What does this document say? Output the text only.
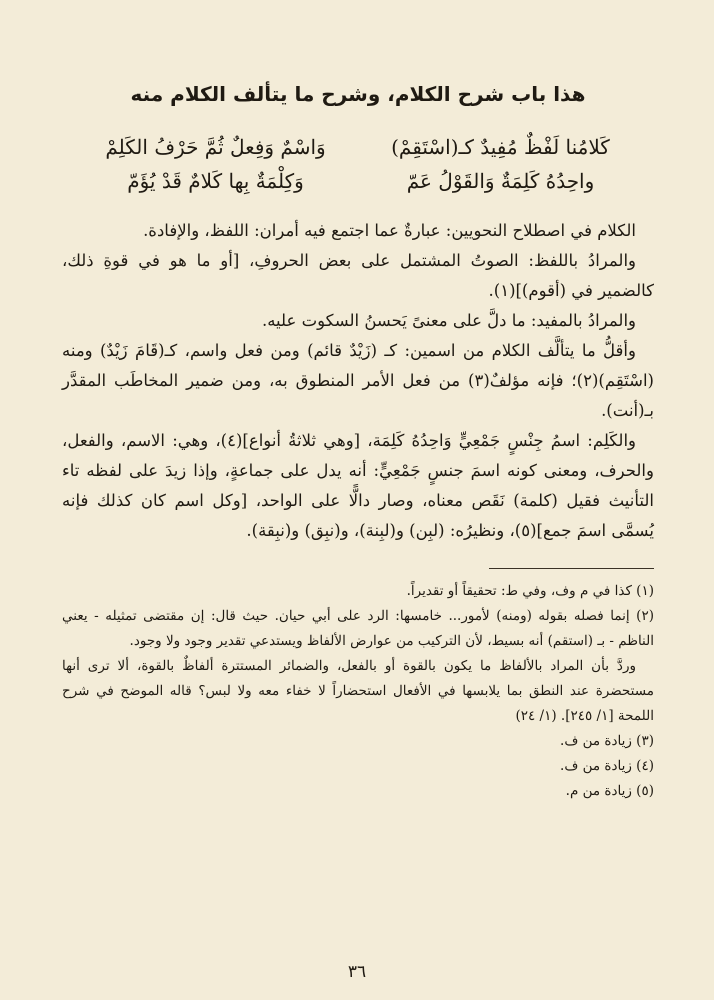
هذا باب شرح الكلام، وشرح ما يتألف الكلام منه
كَلامُنا لَفْظٌ مُفِيدٌ كـ(اسْتَقِمْ)
وَاسْمٌ وَفِعلٌ ثُمَّ حَرْفُ الكَلِمْ
واحِدُهُ كَلِمَةٌ وَالقَوْلُ عَمّ
وَكِلْمَةٌ بِها كَلامٌ قَدْ يُؤَمّ

الكلام في اصطلاح النحويين: عبارةٌ عما اجتمع فيه أمران: اللفظ، والإفادة.

والمرادُ باللفظ: الصوتُ المشتمل على بعض الحروفِ، [أو ما هو في قوةِ ذلك، كالضمير في (أقوم)](١).

والمرادُ بالمفيد: ما دلَّ على معنىً يَحسنُ السكوت عليه.

وأقلُّ ما يتألَّف الكلام من اسمين: كـ (زَيْدٌ قائم) ومن فعل واسم، كـ(قَامَ زَيْدٌ) ومنه (اسْتَقِم)(٢)؛ فإنه مؤلفٌ(٣) من فعل الأمر المنطوق به، ومن ضمير المخاطَب المقدَّر بـ(أنت).

والكَلِم: اسمُ جِنْسٍ جَمْعِيٍّ وَاحِدُهُ كَلِمَة، [وهي ثلاثةُ أنواع](٤)، وهي: الاسم، والفعل، والحرف، ومعنى كونه اسمَ جنسٍ جَمْعِيٍّ: أنه يدل على جماعةٍ، وإذا زيدَ على لفظه تاء التأنيث فقيل (كلمة) نَقَص معناه، وصار دالًّا على الواحد، [وكل اسم كان كذلك فإنه يُسمَّى اسمَ جمع](٥)، ونظيرُه: (لبِن) و(لبِنة)، و(نبِق) و(نبِقة).

(١) كذا في م وف، وفي ط: تحقيقاً أو تقديراً.

(٢) إنما فصله بقوله (ومنه) لأمور... خامسها: الرد على أبي حيان. حيث قال: إن مقتضى تمثيله - يعني الناظم - بـ (استقم) أنه بسيط، لأن التركيب من عوارض الألفاظ ويستدعي تقدير وجود ولا وجود.

وردَّ بأن المراد بالألفاظ ما يكون بالقوة أو بالفعل، والضمائر المستترة ألفاظٌ بالقوة، ألا ترى أنها مستحضرة عند النطق بما يلابسها في الأفعال استحضاراً لا خفاء معه ولا لبس؟ قاله الموضح في شرح اللمحة [١/ ٢٤٥]. (١/ ٢٤)

(٣) زيادة من ف.

(٤) زيادة من ف.

(٥) زيادة من م.

٣٦
